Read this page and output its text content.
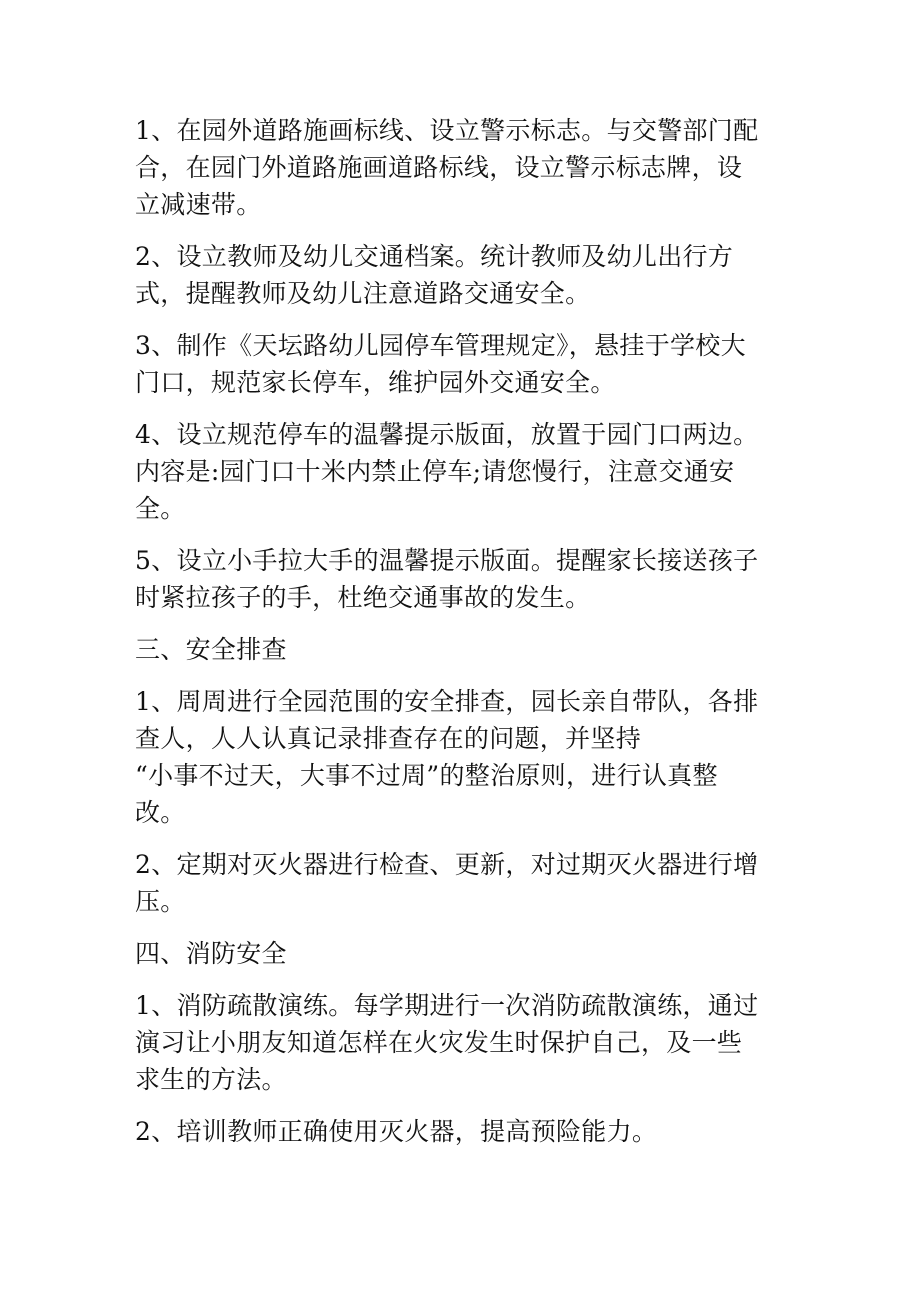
1、在园外道路施画标线、设立警示标志。与交警部门配
合，在园门外道路施画道路标线，设立警示标志牌，设
立减速带。

2、设立教师及幼儿交通档案。统计教师及幼儿出行方
式，提醒教师及幼儿注意道路交通安全。

3、制作《天坛路幼儿园停车管理规定》，悬挂于学校大
门口，规范家长停车，维护园外交通安全。

4、设立规范停车的温馨提示版面，放置于园门口两边。
内容是:园门口十米内禁止停车;请您慢行，注意交通安
全。

5、设立小手拉大手的温馨提示版面。提醒家长接送孩子
时紧拉孩子的手，杜绝交通事故的发生。

三、安全排查

1、周周进行全园范围的安全排查，园长亲自带队，各排
查人，人人认真记录排查存在的问题，并坚持
“小事不过天，大事不过周”的整治原则，进行认真整
改。

2、定期对灭火器进行检查、更新，对过期灭火器进行增
压。

四、消防安全

1、消防疏散演练。每学期进行一次消防疏散演练，通过
演习让小朋友知道怎样在火灾发生时保护自己，及一些
求生的方法。

2、培训教师正确使用灭火器，提高预险能力。
